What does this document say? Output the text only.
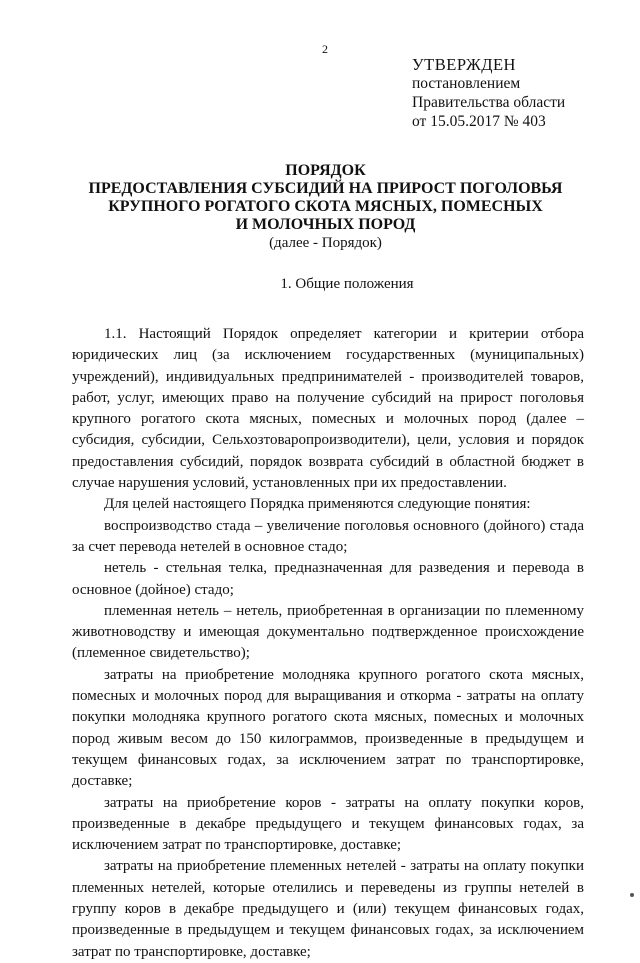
2
УТВЕРЖДЕН
постановлением
Правительства области
от 15.05.2017 № 403
ПОРЯДОК
ПРЕДОСТАВЛЕНИЯ СУБСИДИЙ НА ПРИРОСТ ПОГОЛОВЬЯ
КРУПНОГО РОГАТОГО СКОТА МЯСНЫХ, ПОМЕСНЫХ
И МОЛОЧНЫХ ПОРОД
(далее - Порядок)
1. Общие положения

1.1. Настоящий Порядок определяет категории и критерии отбора юридических лиц (за исключением государственных (муниципальных) учреждений), индивидуальных предпринимателей - производителей товаров, работ, услуг, имеющих право на получение субсидий на прирост поголовья крупного рогатого скота мясных, помесных и молочных пород (далее – субсидия, субсидии, Сельхозтоваропроизводители), цели, условия и порядок предоставления субсидий, порядок возврата субсидий в областной бюджет в случае нарушения условий, установленных при их предоставлении.

Для целей настоящего Порядка применяются следующие понятия:

воспроизводство стада – увеличение поголовья основного (дойного) стада за счет перевода нетелей в основное стадо;

нетель - стельная телка, предназначенная для разведения и перевода в основное (дойное) стадо;

племенная нетель – нетель, приобретенная в организации по племенному животноводству и имеющая документально подтвержденное происхождение (племенное свидетельство);

затраты на приобретение молодняка крупного рогатого скота мясных, помесных и молочных пород для выращивания и откорма - затраты на оплату покупки молодняка крупного рогатого скота мясных, помесных и молочных пород живым весом до 150 килограммов, произведенные в предыдущем и текущем финансовых годах, за исключением затрат по транспортировке, доставке;

затраты на приобретение коров - затраты на оплату покупки коров, произведенные в декабре предыдущего и текущем финансовых годах, за исключением затрат по транспортировке, доставке;

затраты на приобретение племенных нетелей - затраты на оплату покупки племенных нетелей, которые отелились и переведены из группы нетелей в группу коров в декабре предыдущего и (или) текущем финансовых годах, произведенные в предыдущем и текущем финансовых годах, за исключением затрат по транспортировке, доставке;
